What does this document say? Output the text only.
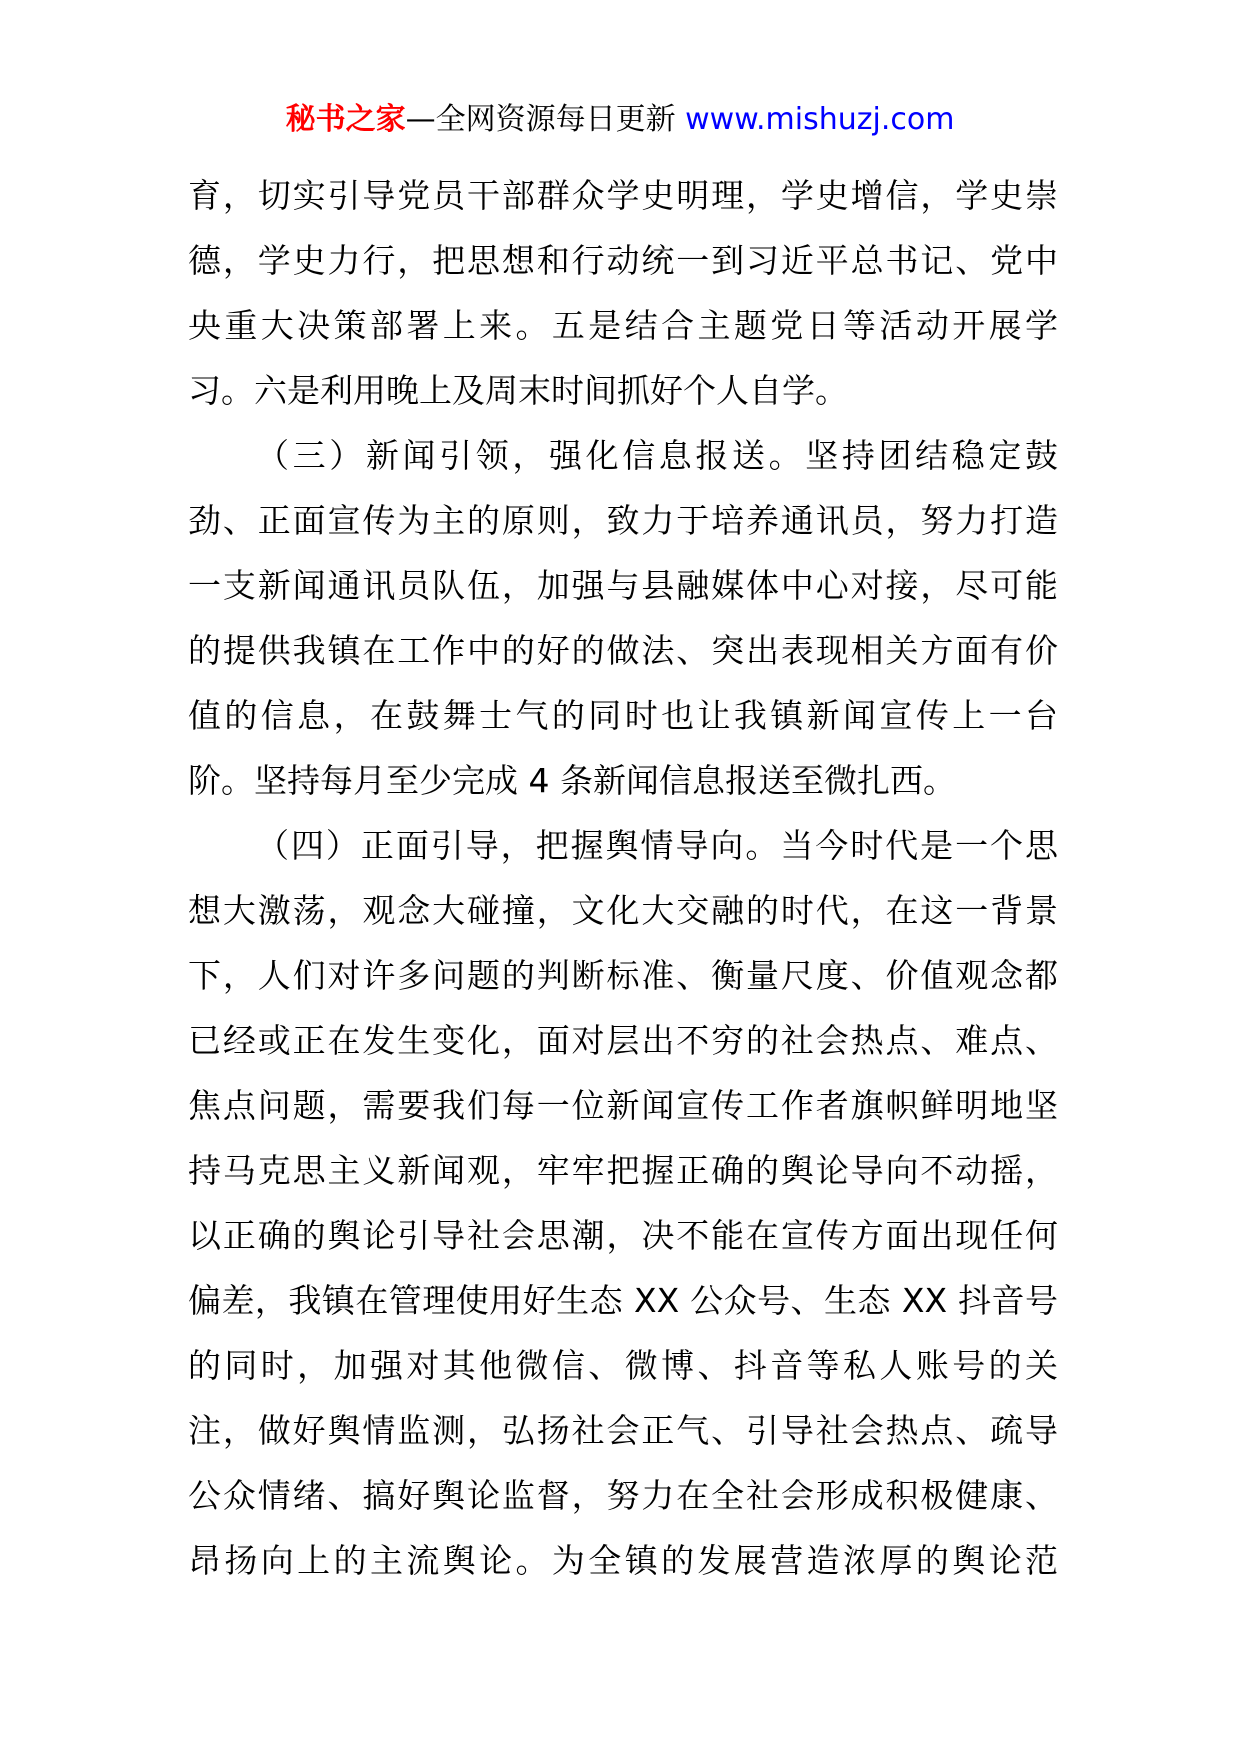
秘书之家—全网资源每日更新 www.mishuzj.com
育，切实引导党员干部群众学史明理，学史增信，学史崇
德，学史力行，把思想和行动统一到习近平总书记、党中
央重大决策部署上来。五是结合主题党日等活动开展学
习。六是利用晚上及周末时间抓好个人自学。
（三）新闻引领，强化信息报送。坚持团结稳定鼓
劲、正面宣传为主的原则，致力于培养通讯员，努力打造
一支新闻通讯员队伍，加强与县融媒体中心对接，尽可能
的提供我镇在工作中的好的做法、突出表现相关方面有价
值的信息，在鼓舞士气的同时也让我镇新闻宣传上一台
阶。坚持每月至少完成 4 条新闻信息报送至微扎西。
（四）正面引导，把握舆情导向。当今时代是一个思
想大激荡，观念大碰撞，文化大交融的时代，在这一背景
下，人们对许多问题的判断标准、衡量尺度、价值观念都
已经或正在发生变化，面对层出不穷的社会热点、难点、
焦点问题，需要我们每一位新闻宣传工作者旗帜鲜明地坚
持马克思主义新闻观，牢牢把握正确的舆论导向不动摇，
以正确的舆论引导社会思潮，决不能在宣传方面出现任何
偏差，我镇在管理使用好生态 XX 公众号、生态 XX 抖音号
的同时，加强对其他微信、微博、抖音等私人账号的关
注，做好舆情监测，弘扬社会正气、引导社会热点、疏导
公众情绪、搞好舆论监督，努力在全社会形成积极健康、
昂扬向上的主流舆论。为全镇的发展营造浓厚的舆论范
